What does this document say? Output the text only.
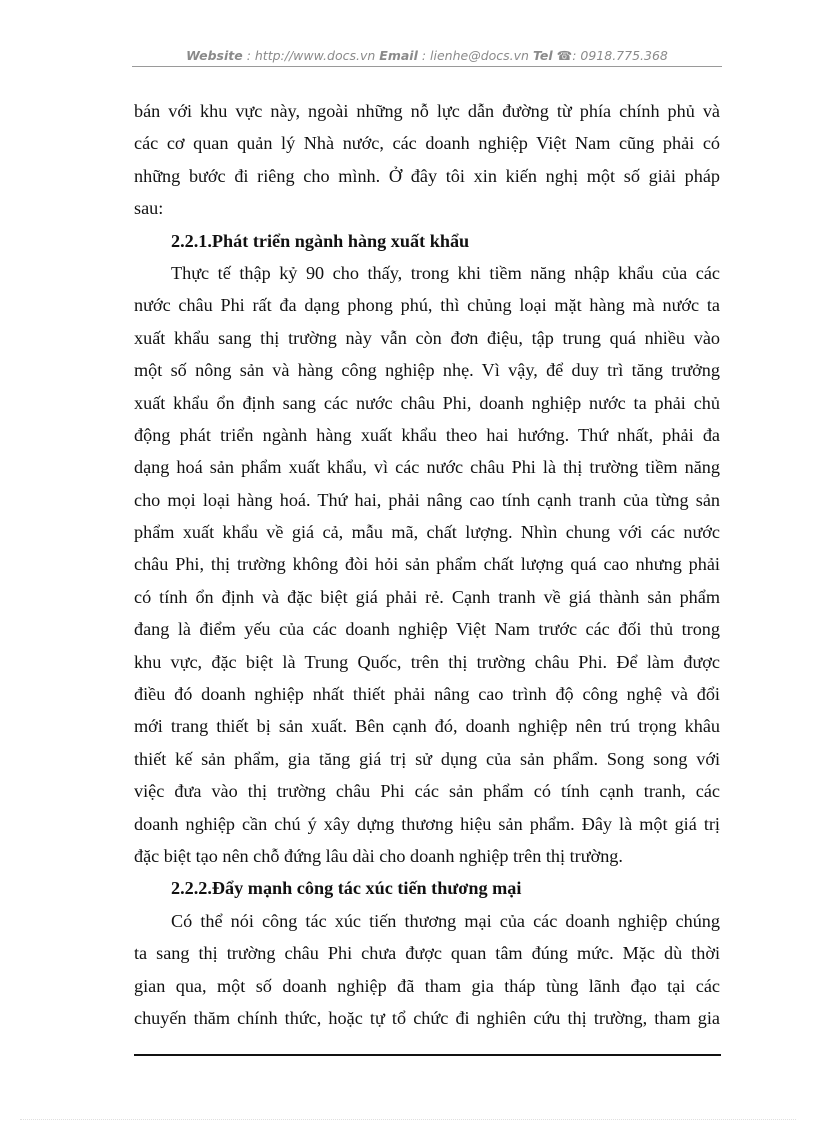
Website : http://www.docs.vn Email : lienhe@docs.vn Tel ☎: 0918.775.368
bán với khu vực này, ngoài những nỗ lực dẫn đường từ phía chính phủ và
các cơ quan quản lý Nhà nước, các doanh nghiệp Việt Nam cũng phải có
những bước đi riêng cho mình. Ở đây tôi xin kiến nghị một số giải pháp
sau:
2.2.1.Phát triển ngành hàng xuất khẩu
Thực tế thập kỷ 90 cho thấy, trong khi tiềm năng nhập khẩu của các
nước châu Phi rất đa dạng phong phú, thì chủng loại mặt hàng mà nước ta
xuất khẩu sang thị trường này vẫn còn đơn điệu, tập trung quá nhiều vào
một số nông sản và hàng công nghiệp nhẹ. Vì vậy, để duy trì tăng trưởng
xuất khẩu ổn định sang các nước châu Phi, doanh nghiệp nước ta phải chủ
động phát triển ngành hàng xuất khẩu theo hai hướng. Thứ nhất, phải đa
dạng hoá sản phẩm xuất khẩu, vì các nước châu Phi là thị trường tiềm năng
cho mọi loại hàng hoá. Thứ hai, phải nâng cao tính cạnh tranh của từng sản
phẩm xuất khẩu về giá cả, mẫu mã, chất lượng. Nhìn chung với các nước
châu Phi, thị trường không đòi hỏi sản phẩm chất lượng quá cao nhưng phải
có tính ổn định và đặc biệt giá phải rẻ. Cạnh tranh về giá thành sản phẩm
đang là điểm yếu của các doanh nghiệp Việt Nam trước các đối thủ trong
khu vực, đặc biệt là Trung Quốc, trên thị trường châu Phi. Để làm được
điều đó doanh nghiệp nhất thiết phải nâng cao trình độ công nghệ và đổi
mới trang thiết bị sản xuất. Bên cạnh đó, doanh nghiệp nên trú trọng khâu
thiết kế sản phẩm, gia tăng giá trị sử dụng của sản phẩm. Song song với
việc đưa vào thị trường châu Phi các sản phẩm có tính cạnh tranh, các
doanh nghiệp cần chú ý xây dựng thương hiệu sản phẩm. Đây là một giá trị
đặc biệt tạo nên chỗ đứng lâu dài cho doanh nghiệp trên thị trường.
2.2.2.Đẩy mạnh công tác xúc tiến thương mại
Có thể nói công tác xúc tiến thương mại của các doanh nghiệp chúng
ta sang thị trường châu Phi chưa được quan tâm đúng mức. Mặc dù thời
gian qua, một số doanh nghiệp đã tham gia tháp tùng lãnh đạo tại các
chuyến thăm chính thức, hoặc tự tổ chức đi nghiên cứu thị trường, tham gia
